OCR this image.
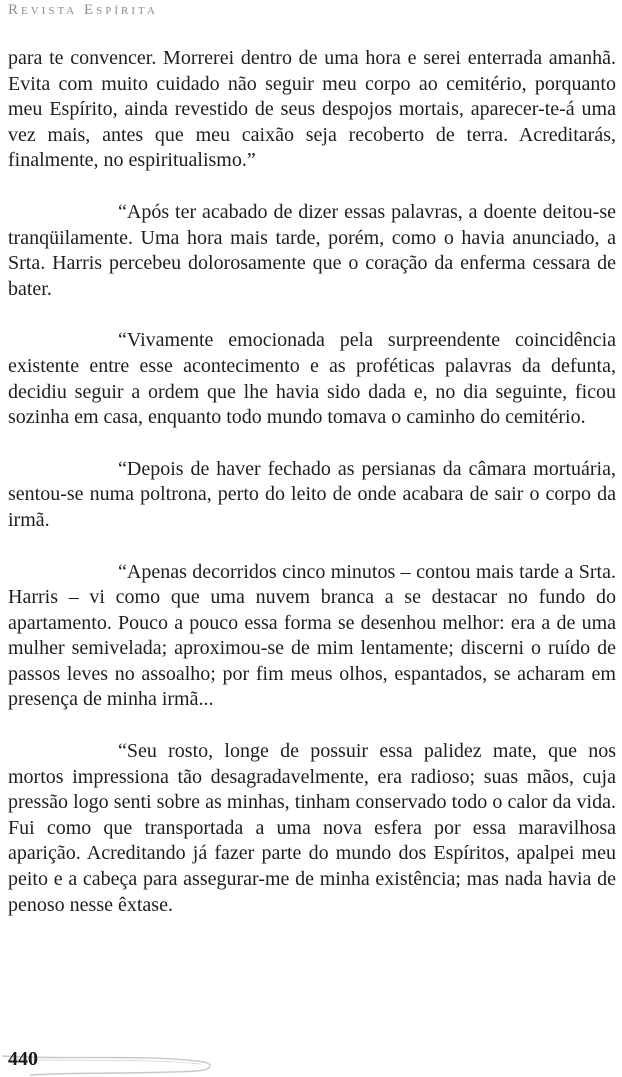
Revista Espírita

para te convencer. Morrerei dentro de uma hora e serei enterrada amanhã. Evita com muito cuidado não seguir meu corpo ao cemitério, porquanto meu Espírito, ainda revestido de seus despojos mortais, aparecer-te-á uma vez mais, antes que meu caixão seja recoberto de terra. Acreditarás, finalmente, no espiritualismo.”

“Após ter acabado de dizer essas palavras, a doente deitou-se tranqüilamente. Uma hora mais tarde, porém, como o havia anunciado, a Srta. Harris percebeu dolorosamente que o coração da enferma cessara de bater.

“Vivamente emocionada pela surpreendente coincidência existente entre esse acontecimento e as proféticas palavras da defunta, decidiu seguir a ordem que lhe havia sido dada e, no dia seguinte, ficou sozinha em casa, enquanto todo mundo tomava o caminho do cemitério.

“Depois de haver fechado as persianas da câmara mortuária, sentou-se numa poltrona, perto do leito de onde acabara de sair o corpo da irmã.

“Apenas decorridos cinco minutos – contou mais tarde a Srta. Harris – vi como que uma nuvem branca a se destacar no fundo do apartamento. Pouco a pouco essa forma se desenhou melhor: era a de uma mulher semivelada; aproximou-se de mim lentamente; discerni o ruído de passos leves no assoalho; por fim meus olhos, espantados, se acharam em presença de minha irmã...

“Seu rosto, longe de possuir essa palidez mate, que nos mortos impressiona tão desagradavelmente, era radioso; suas mãos, cuja pressão logo senti sobre as minhas, tinham conservado todo o calor da vida. Fui como que transportada a uma nova esfera por essa maravilhosa aparição. Acreditando já fazer parte do mundo dos Espíritos, apalpei meu peito e a cabeça para assegurar-me de minha existência; mas nada havia de penoso nesse êxtase.

440
